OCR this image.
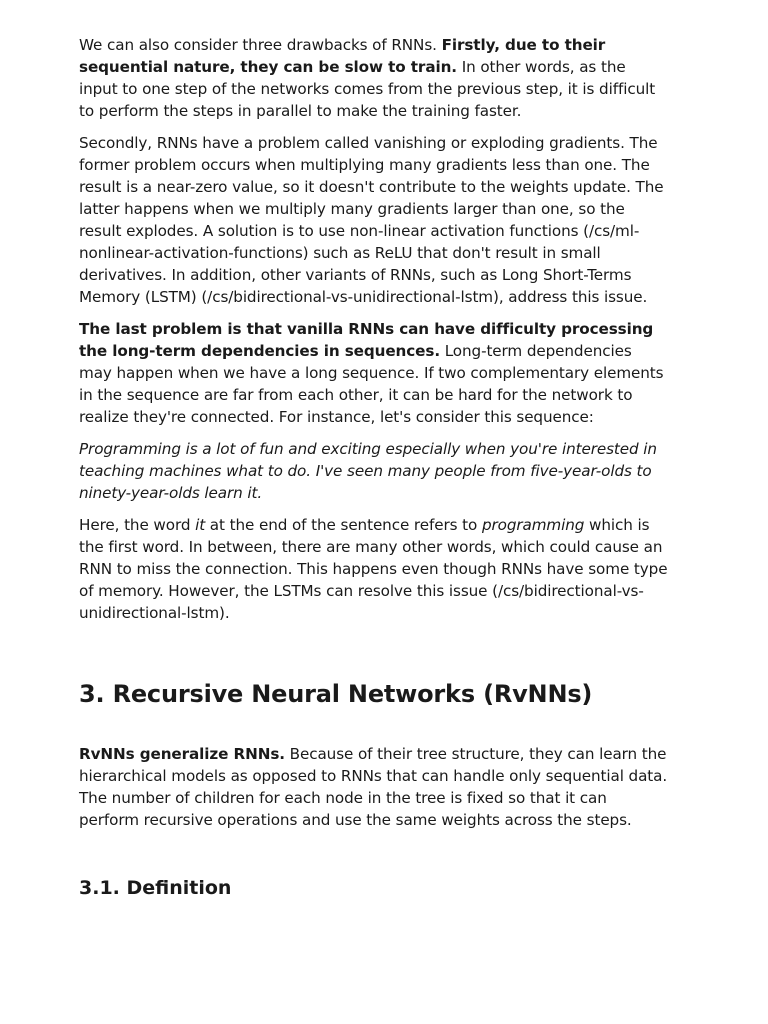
We can also consider three drawbacks of RNNs. Firstly, due to their sequential nature, they can be slow to train. In other words, as the input to one step of the networks comes from the previous step, it is difficult to perform the steps in parallel to make the training faster.

Secondly, RNNs have a problem called vanishing or exploding gradients. The former problem occurs when multiplying many gradients less than one. The result is a near-zero value, so it doesn't contribute to the weights update. The latter happens when we multiply many gradients larger than one, so the result explodes. A solution is to use non-linear activation functions (/cs/ml-nonlinear-activation-functions) such as ReLU that don't result in small derivatives. In addition, other variants of RNNs, such as Long Short-Terms Memory (LSTM) (/cs/bidirectional-vs-unidirectional-lstm), address this issue.

The last problem is that vanilla RNNs can have difficulty processing the long-term dependencies in sequences. Long-term dependencies may happen when we have a long sequence. If two complementary elements in the sequence are far from each other, it can be hard for the network to realize they're connected. For instance, let's consider this sequence:

Programming is a lot of fun and exciting especially when you're interested in teaching machines what to do. I've seen many people from five-year-olds to ninety-year-olds learn it.

Here, the word it at the end of the sentence refers to programming which is the first word. In between, there are many other words, which could cause an RNN to miss the connection. This happens even though RNNs have some type of memory. However, the LSTMs can resolve this issue (/cs/bidirectional-vs-unidirectional-lstm).

3. Recursive Neural Networks (RvNNs)

RvNNs generalize RNNs. Because of their tree structure, they can learn the hierarchical models as opposed to RNNs that can handle only sequential data. The number of children for each node in the tree is fixed so that it can perform recursive operations and use the same weights across the steps.

3.1. Definition
